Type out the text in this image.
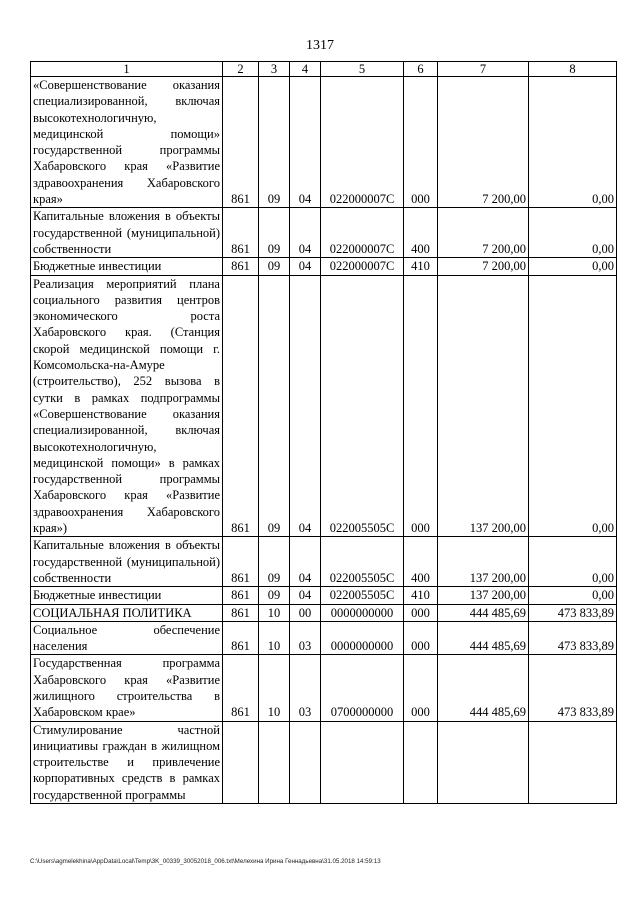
1317
1	2	3	4	5	6	7	8
«Совершенствование оказания специализированной, включая высокотехнологичную, медицинской помощи» государственной программы Хабаровского края «Развитие здравоохранения Хабаровского края»	861	09	04	022000007С	000	7 200,00	0,00
Капитальные вложения в объекты государственной (муниципальной) собственности	861	09	04	022000007С	400	7 200,00	0,00
Бюджетные инвестиции	861	09	04	022000007С	410	7 200,00	0,00
Реализация мероприятий плана социального развития центров экономического роста Хабаровского края. (Станция скорой медицинской помощи г. Комсомольска-на-Амуре (строительство), 252 вызова в сутки в рамках подпрограммы «Совершенствование оказания специализированной, включая высокотехнологичную, медицинской помощи» в рамках государственной программы Хабаровского края «Развитие здравоохранения Хабаровского края»)	861	09	04	022005505С	000	137 200,00	0,00
Капитальные вложения в объекты государственной (муниципальной) собственности	861	09	04	022005505С	400	137 200,00	0,00
Бюджетные инвестиции	861	09	04	022005505С	410	137 200,00	0,00
СОЦИАЛЬНАЯ ПОЛИТИКА	861	10	00	0000000000	000	444 485,69	473 833,89
Социальное обеспечение населения	861	10	03	0000000000	000	444 485,69	473 833,89
Государственная программа Хабаровского края «Развитие жилищного строительства в Хабаровском крае»	861	10	03	0700000000	000	444 485,69	473 833,89
Стимулирование частной инициативы граждан в жилищном строительстве и привлечение корпоративных средств в рамках государственной программы							
C:\Users\agmelekhina\AppData\Local\Temp\3K_00339_30052018_006.txt\Мелехина Ирина Геннадьевна\31.05.2018 14:59:13
